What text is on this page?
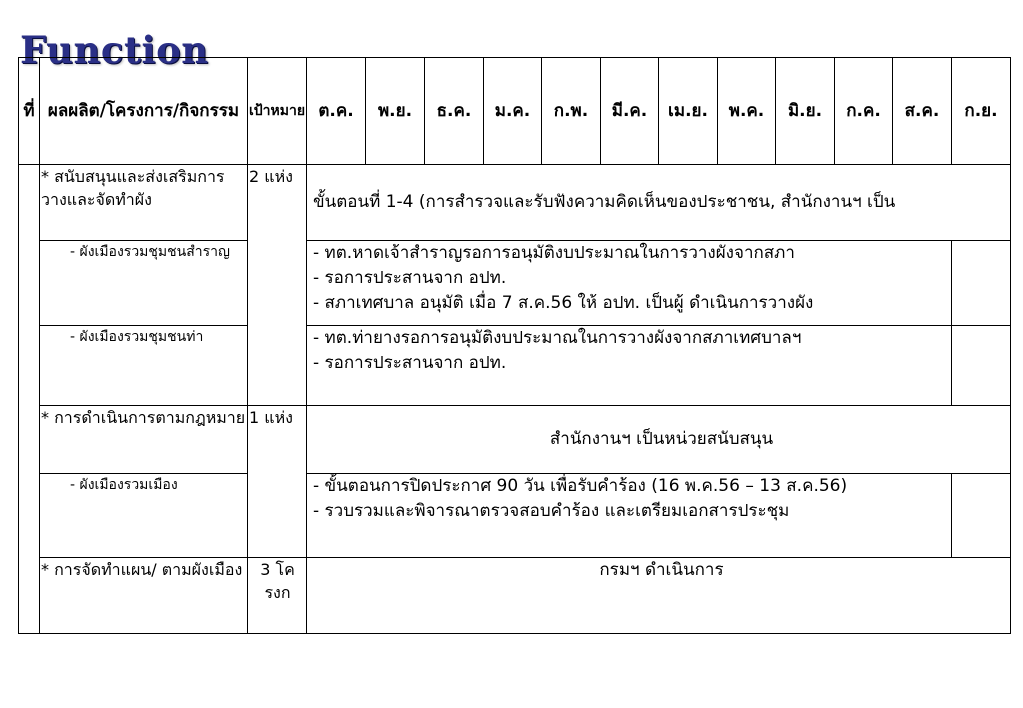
Function
ที่	ผลผลิต/โครงการ/กิจกรรม	เป้าหมาย	ต.ค.	พ.ย.	ธ.ค.	ม.ค.	ก.พ.	มี.ค.	เม.ย.	พ.ค.	มิ.ย.	ก.ค.	ส.ค.	ก.ย.
	* สนับสนุนและส่งเสริมการวางและจัดทำผัง	2 แห่ง	ขั้นตอนที่ 1-4 (การสำรวจและรับฟังความคิดเห็นของประชาชน, สำนักงานฯ เป็น											

	- ผังเมืองรวมชุมชนสำราญ		- ทต.หาดเจ้าสำราญรอการอนุมัติงบประมาณในการวางผังจากสภา
- รอการประสานจาก อปท.
- สภาเทศบาล อนุมัติ เมื่อ 7 ส.ค.56 ให้ อปท. เป็นผู้ ดำเนินการวางผัง											

	- ผังเมืองรวมชุมชนท่า		- ทต.ท่ายางรอการอนุมัติงบประมาณในการวางผังจากสภาเทศบาลฯ
- รอการประสานจาก อปท.											

	* การดำเนินการตามกฎหมาย	1 แห่ง	สำนักงานฯ เป็นหน่วยสนับสนุน											

	- ผังเมืองรวมเมือง		- ขั้นตอนการปิดประกาศ 90 วัน เพื่อรับคำร้อง (16 พ.ค.56 – 13 ส.ค.56)
- รวบรวมและพิจารณาตรวจสอบคำร้อง และเตรียมเอกสารประชุม											

	* การจัดทำแผน/ ตามผังเมือง	3 โครงก	กรมฯ ดำเนินการ											
